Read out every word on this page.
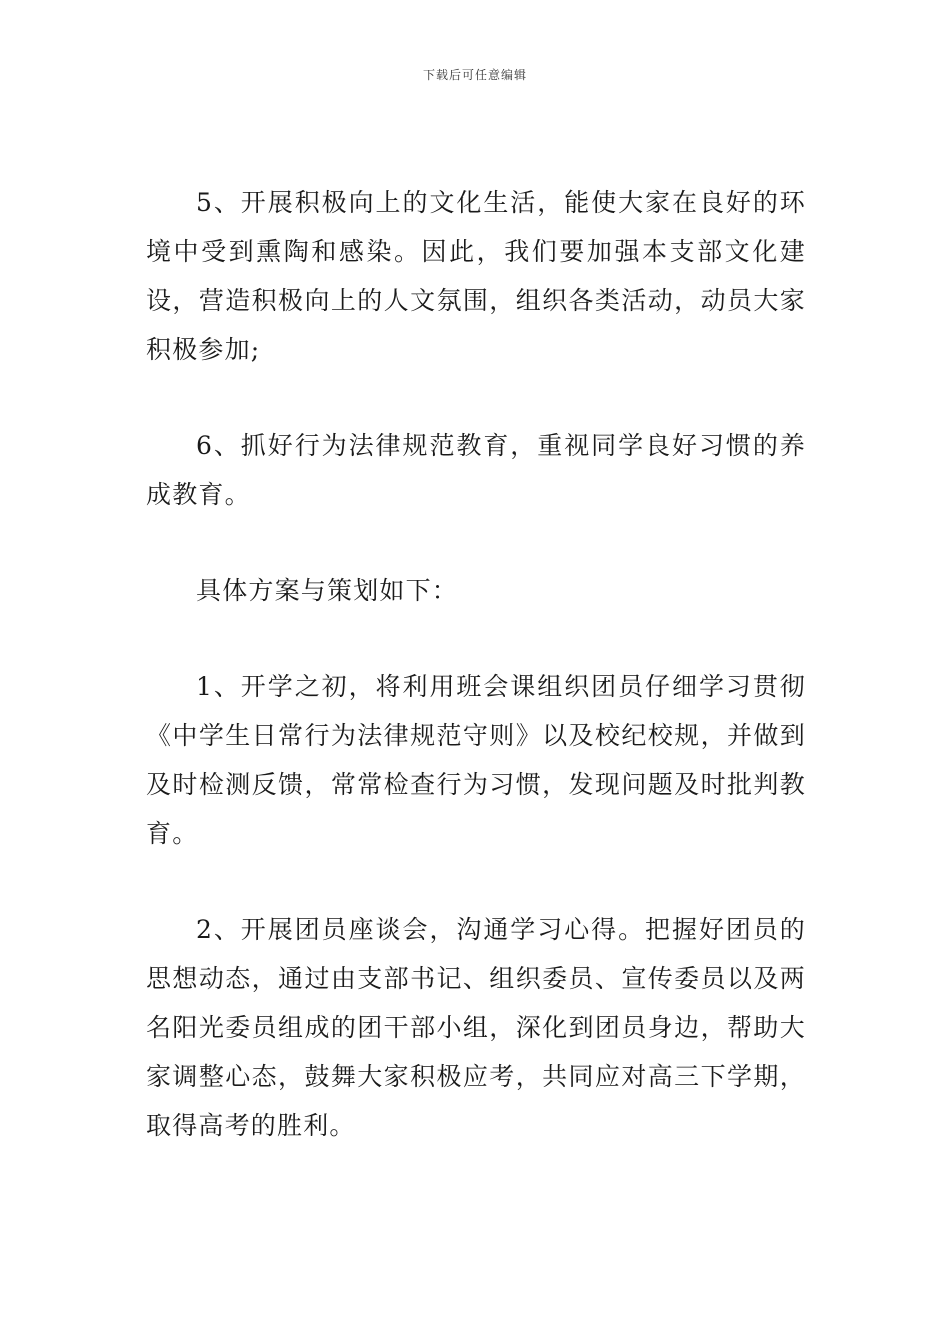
下载后可任意编辑

5、开展积极向上的文化生活，能使大家在良好的环境中受到熏陶和感染。因此，我们要加强本支部文化建设，营造积极向上的人文氛围，组织各类活动，动员大家积极参加;

6、抓好行为法律规范教育，重视同学良好习惯的养成教育。

具体方案与策划如下：

1、开学之初，将利用班会课组织团员仔细学习贯彻《中学生日常行为法律规范守则》以及校纪校规，并做到及时检测反馈，常常检查行为习惯，发现问题及时批判教育。

2、开展团员座谈会，沟通学习心得。把握好团员的思想动态，通过由支部书记、组织委员、宣传委员以及两名阳光委员组成的团干部小组，深化到团员身边，帮助大家调整心态，鼓舞大家积极应考，共同应对高三下学期，取得高考的胜利。
